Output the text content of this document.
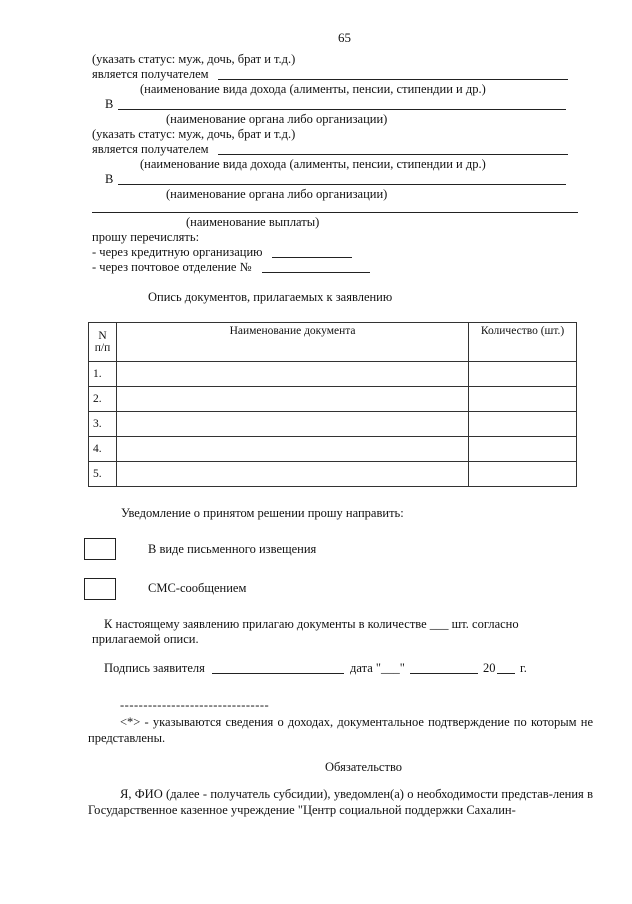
65
(указать статус: муж, дочь, брат и т.д.)
является получателем
(наименование вида дохода (алименты, пенсии, стипендии и др.)
В
(наименование органа либо организации)
(указать статус: муж, дочь, брат и т.д.)
является получателем
(наименование вида дохода (алименты, пенсии, стипендии и др.)
В
(наименование органа либо организации)
(наименование выплаты)
прошу перечислять:
- через кредитную организацию
- через почтовое отделение №
Опись документов, прилагаемых к заявлению
N п/п	Наименование документа	Количество (шт.)
1.		
2.		
3.		
4.		
5.		
Уведомление о принятом решении прошу направить:
В виде письменного извещения
СМС-сообщением
К настоящему заявлению прилагаю документы в количестве ___ шт. согласно
прилагаемой описи.
Подпись заявителя	дата "___"	20 г.
--------------------------------
<*> - указываются сведения о доходах, документальное подтверждение по которым не представлены.
Обязательство
Я, ФИО (далее - получатель субсидии), уведомлен(а) о необходимости представ-ления в Государственное казенное учреждение "Центр социальной поддержки Сахалин-
